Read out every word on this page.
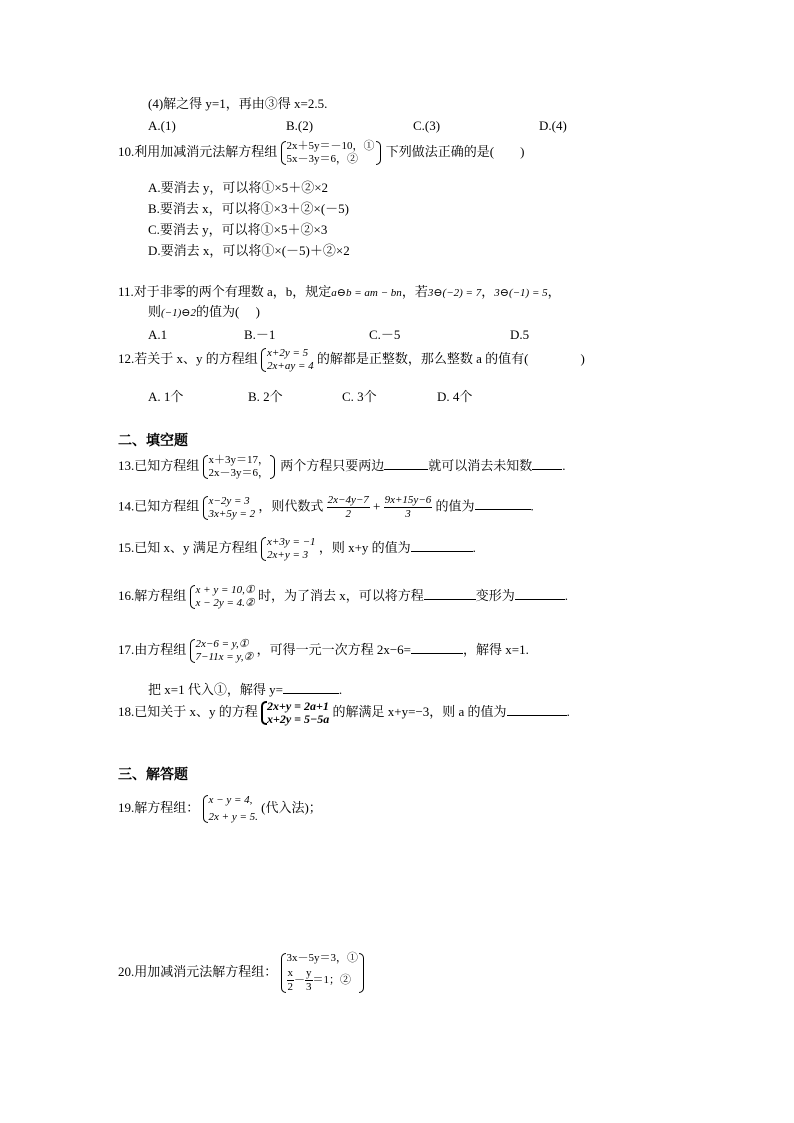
(4)解之得 y=1，再由③得 x=2.5.
A.(1)	B.(2)	C.(3)	D.(4)
10.利用加减消元法解方程组 2x＋5y＝－10，①
5x－3y＝6，②
下列做法正确的是(　　)
A.要消去 y，可以将①×5＋②×2
B.要消去 x，可以将①×3＋②×(－5)
C.要消去 y，可以将①×5＋②×3
D.要消去 x，可以将①×(－5)＋②×2
11.对于非零的两个有理数 a，b，规定a⊖b = am − bn，若3⊖(−2) = 7，3⊖(−1) = 5，
则(−1)⊖2的值为(　 )
A.1	B.－1	C.－5	D.5
12.若关于 x、y 的方程组 x+2y = 5
2x+ay = 4
的解都是正整数，那么整数 a 的值有(　　　　)
A. 1个	B. 2个	C. 3个	D. 4个
二、填空题
13.已知方程组 x＋3y＝17，
2x－3y＝6，
两个方程只要两边	就可以消去未知数 .
14.已知方程组 x−2y = 3
3x+5y = 2
，则代数式 $\frac{2x-4y-7}{2} + \frac{9x+15y-6}{3}$ 的值为	.
15.已知 x、y 满足方程组 x+3y = −1
2x+y = 3
，则 x+y 的值为	.
16.解方程组 x + y = 10,①
x − 2y = 4.②
时，为了消去 x，可以将方程	变形为	.
17.由方程组 2x−6 = y,①
7−11x = y,②
，可得一元一次方程 2x−6=	，解得 x=1.
把 x=1 代入①，解得 y=	.
18.已知关于 x、y 的方程 2x+y = 2a+1
x+2y = 5−5a
的解满足 x+y=−3，则 a 的值为	.
三、解答题
19.解方程组： x − y = 4,
2x + y = 5.
(代入法)；
20.用加减消元法解方程组：
3x－5y＝3，①
$\frac{x}{2} - \frac{y}{3} =1$；②
